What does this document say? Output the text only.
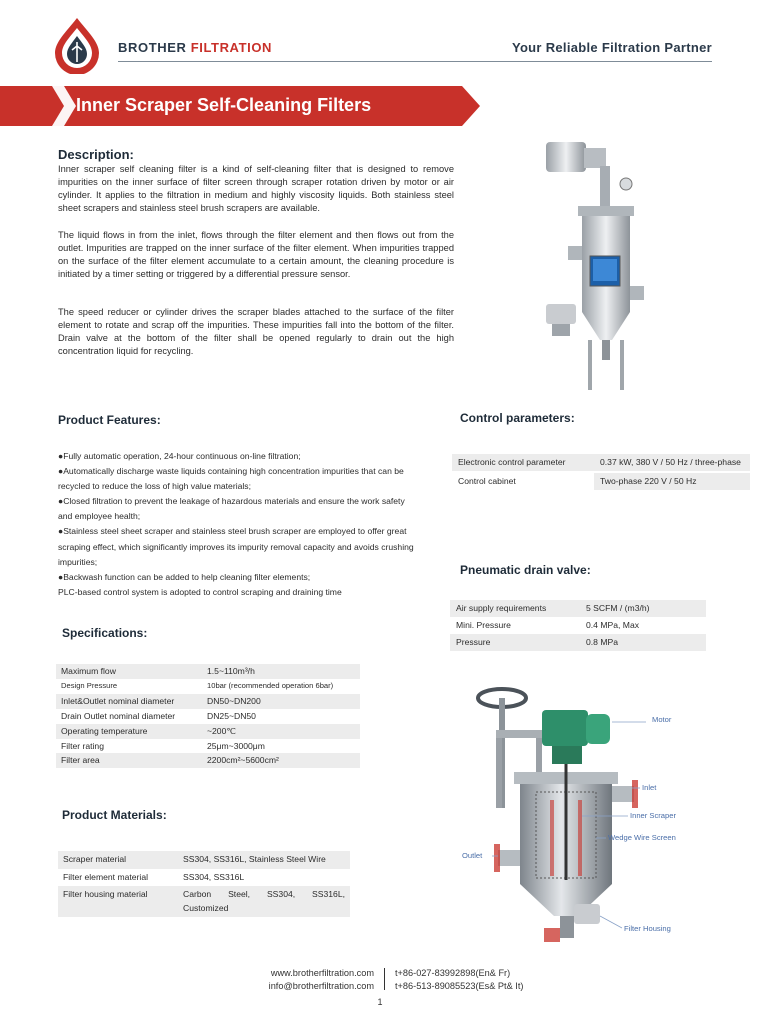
BROTHER FILTRATION	Your Reliable Filtration Partner
Inner Scraper Self-Cleaning Filters
Description:

Inner scraper self cleaning filter is a kind of self-cleaning filter that is designed to remove impurities on the inner surface of filter screen through scraper rotation driven by motor or air cylinder. It applies to the filtration in medium and highly viscosity liquids. Both stainless steel sheet scrapers and stainless steel brush scrapers are available.

The liquid flows in from the inlet, flows through the filter element and then flows out from the outlet. Impurities are trapped on the inner surface of the filter element. When impurities trapped on the surface of the filter element accumulate to a certain amount, the cleaning procedure is initiated by a timer setting or triggered by a differential pressure sensor.

The speed reducer or cylinder drives the scraper blades attached to the surface of the filter element to rotate and scrap off the impurities. These impurities fall into the bottom of the filter. Drain valve at the bottom of the filter shall be opened regularly to drain out the high concentration liquid for recycling.

Product Features:
●Fully automatic operation, 24-hour continuous on-line filtration;
●Automatically discharge waste liquids containing high concentration impurities that can be recycled to reduce the loss of high value materials;
●Closed filtration to prevent the leakage of hazardous materials and ensure the work safety and employee health;
●Stainless steel sheet scraper and stainless steel brush scraper are employed to offer great scraping effect, which significantly improves its impurity removal capacity and avoids crushing impurities;
●Backwash function can be added to help cleaning filter elements;
PLC-based control system is adopted to control scraping and draining time
Control parameters:
Electronic control parameter	0.37 kW, 380 V / 50 Hz / three-phase
Control cabinet	Two-phase 220 V / 50 Hz
Pneumatic drain valve:
Air supply requirements	5 SCFM / (m3/h)
Mini. Pressure	0.4 MPa, Max
Pressure	0.8 MPa
Specifications:
Maximum flow	1.5~110m³/h
Design Pressure	10bar (recommended operation 6bar)
Inlet&Outlet nominal diameter	DN50~DN200
Drain Outlet nominal diameter	DN25~DN50
Operating temperature	~200℃
Filter rating	25μm~3000μm
Filter area	2200cm²~5600cm²
Product Materials:
Scraper material	SS304, SS316L, Stainless Steel Wire
Filter element material	SS304, SS316L
Filter housing material	Carbon Steel, SS304, SS316L, Customized
Motor
Inlet
Inner Scraper
Wedge Wire Screen
Outlet
Filter Housing
www.brotherfiltration.com
info@brotherfiltration.com
t+86-027-83992898(En& Fr)
t+86-513-89085523(Es& Pt& It)
1
